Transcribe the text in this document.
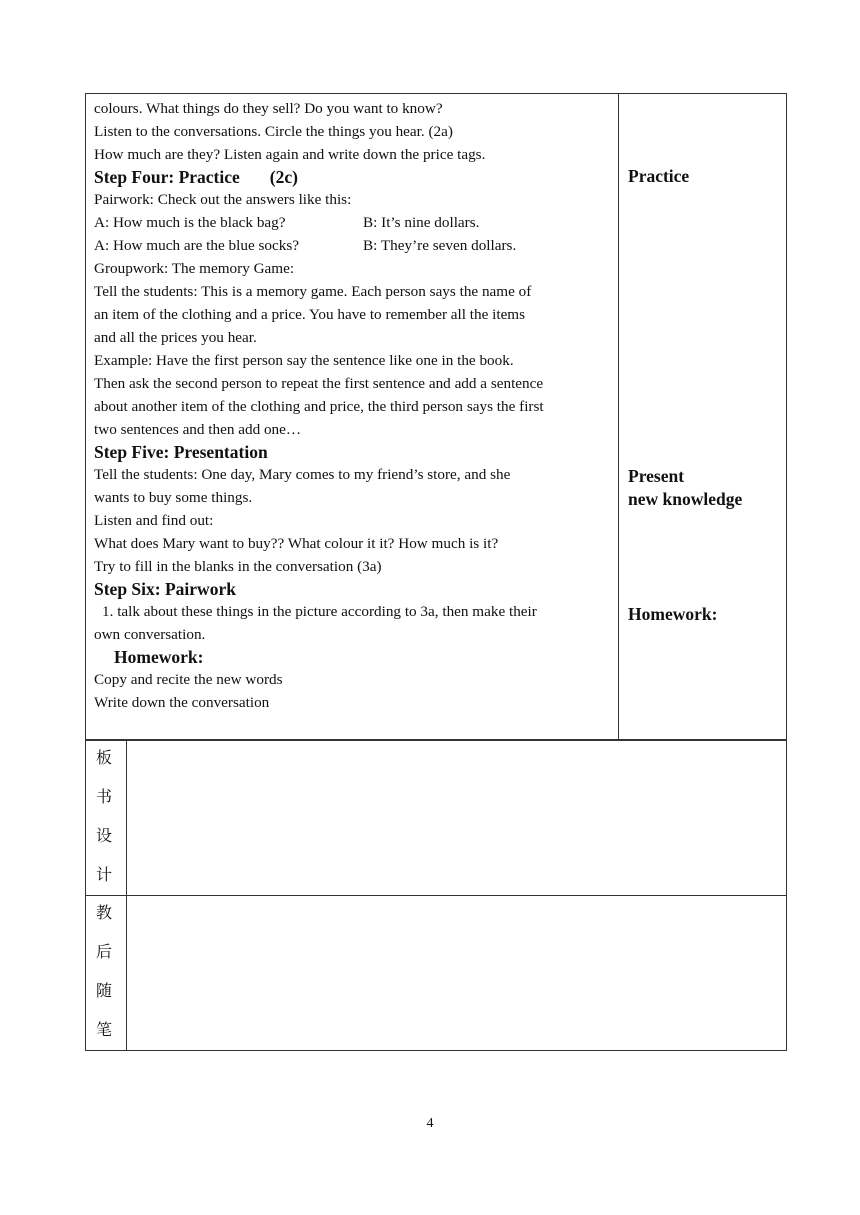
colours. What things do they sell? Do you want to know?
Listen to the conversations. Circle the things you hear. (2a)
How much are they? Listen again and write down the price tags.
Step Four: Practice (2c)
Pairwork: Check out the answers like this:
A: How much is the black bag?	B: It’s nine dollars.
A: How much are the blue socks?	B: They’re seven dollars.
Groupwork: The memory Game:
Tell the students: This is a memory game. Each person says the name of
an item of the clothing and a price. You have to remember all the items
and all the prices you hear.
Example: Have the first person say the sentence like one in the book.
Then ask the second person to repeat the first sentence and add a sentence
about another item of the clothing and price, the third person says the first
two sentences and then add one…
Step Five: Presentation
Tell the students: One day, Mary comes to my friend’s store, and she
wants to buy some things.
Listen and find out:
What does Mary want to buy?? What colour it it? How much is it?
Try to fill in the blanks in the conversation (3a)
Step Six: Pairwork
1. talk about these things in the picture according to 3a, then make their
own conversation.
Homework:
Copy and recite the new words
Write down the conversation
Practice
Present
new knowledge
Homework:
板
书
设
计
教
后
随
笔
4
